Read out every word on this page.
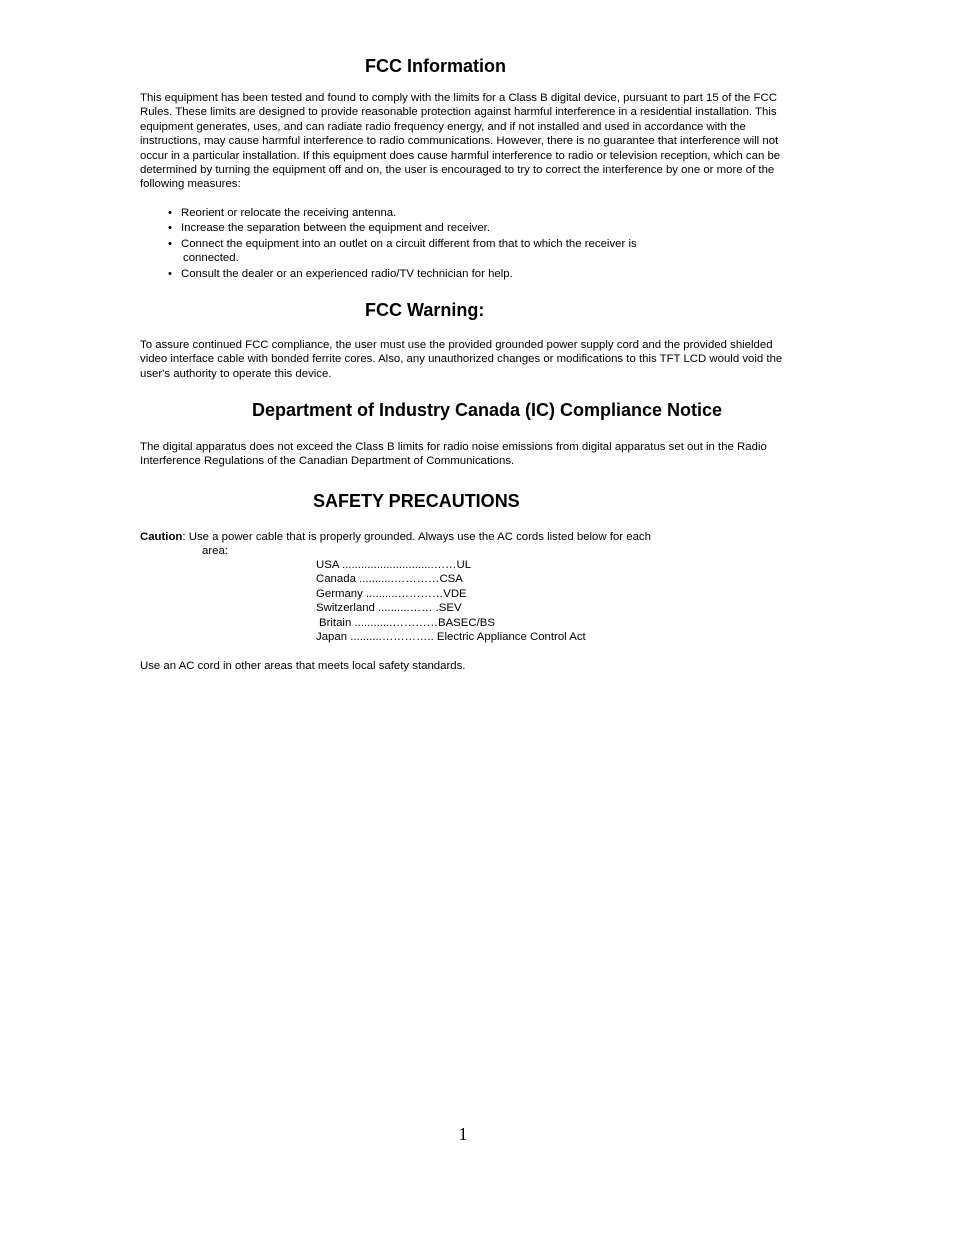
FCC Information

This equipment has been tested and found to comply with the limits for a Class B digital device, pursuant to part 15 of the FCC Rules. These limits are designed to provide reasonable protection against harmful interference in a residential installation. This equipment generates, uses, and can radiate radio frequency energy, and if not installed and used in accordance with the instructions, may cause harmful interference to radio communications. However, there is no guarantee that interference will not occur in a particular installation. If this equipment does cause harmful interference to radio or television reception, which can be determined by turning the equipment off and on, the user is encouraged to try to correct the interference by one or more of the following measures:

• Reorient or relocate the receiving antenna.
• Increase the separation between the equipment and receiver.
• Connect the equipment into an outlet on a circuit different from that to which the receiver is
connected.
• Consult the dealer or an experienced radio/TV technician for help.
FCC Warning:

To assure continued FCC compliance, the user must use the provided grounded power supply cord and the provided shielded video interface cable with bonded ferrite cores. Also, any unauthorized changes or modifications to this TFT LCD would void the user's authority to operate this device.

Department of Industry Canada (IC) Compliance Notice

The digital apparatus does not exceed the Class B limits for radio noise emissions from digital apparatus set out in the Radio Interference Regulations of the Canadian Department of Communications.

SAFETY PRECAUTIONS
Caution: Use a power cable that is properly grounded. Always use the AC cords listed below for each
area:
USA .............................……UL
Canada ...........…………CSA
Germany ..........…………VDE
Switzerland ..........…… .SEV
Britain ............…………BASEC/BS
Japan ..........………….. Electric Appliance Control Act

Use an AC cord in other areas that meets local safety standards.

1
